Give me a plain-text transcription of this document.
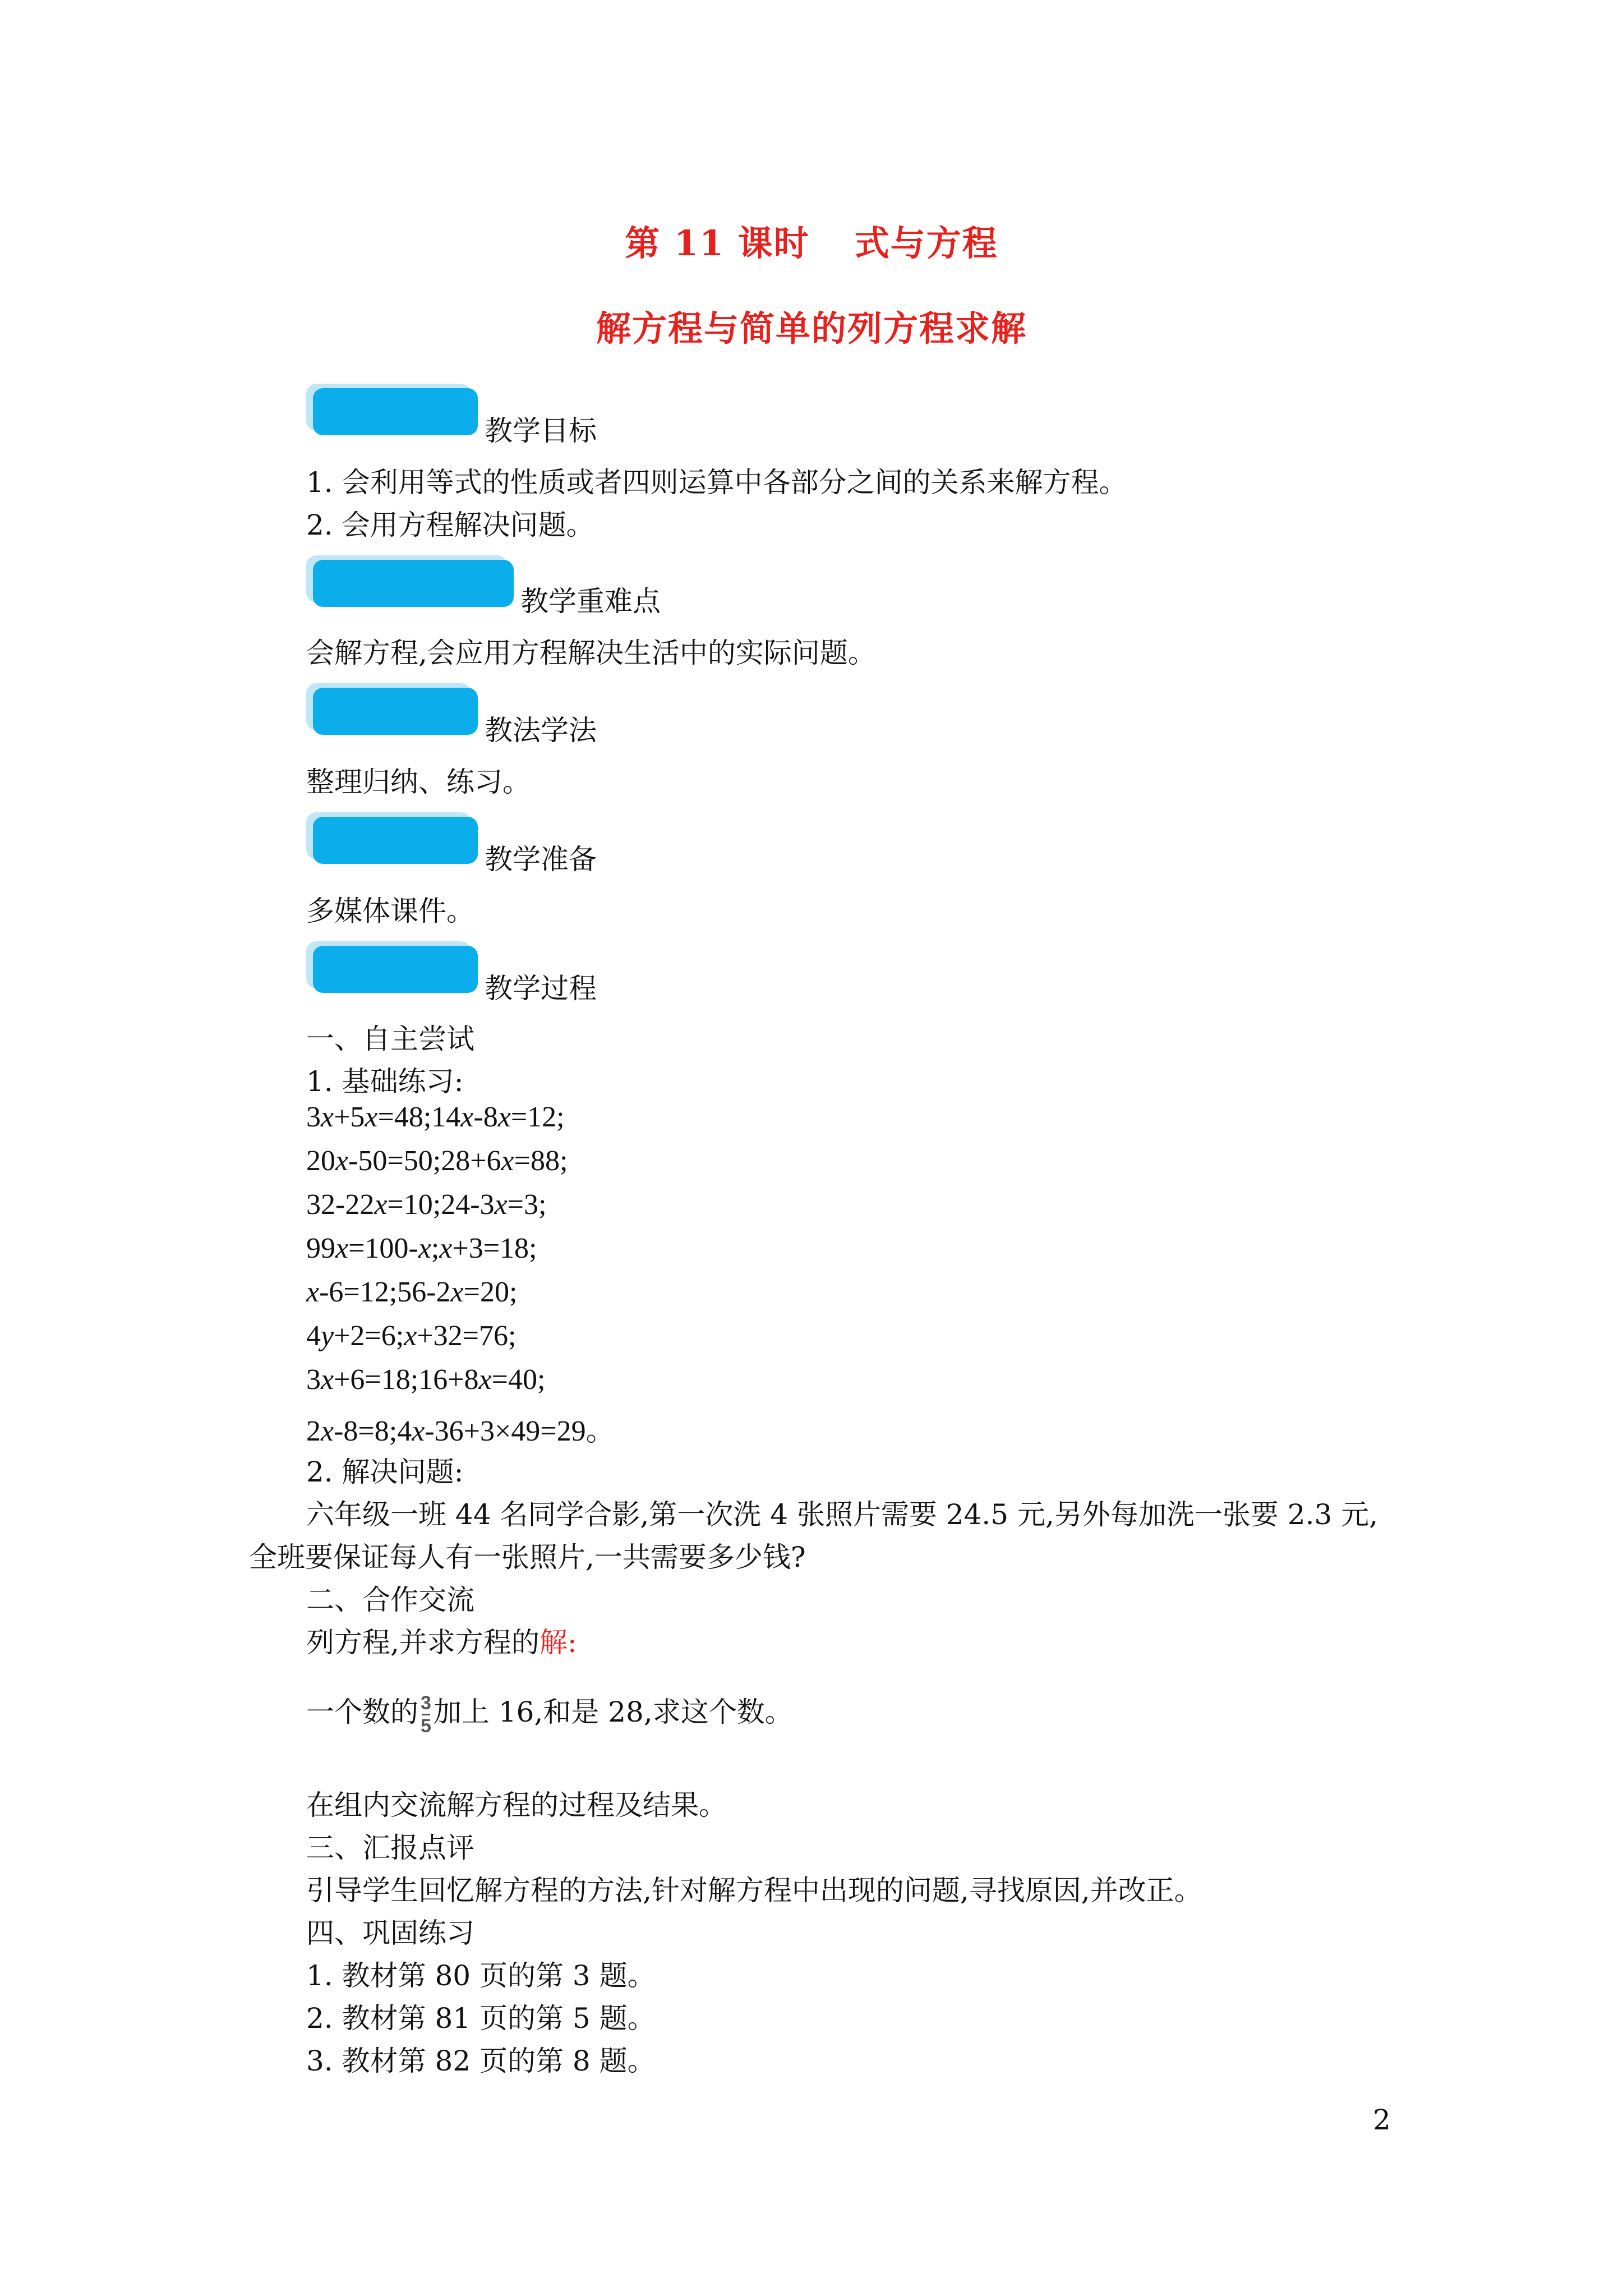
第 11 课时 式与方程
解方程与简单的列方程求解
教学目标
1. 会利用等式的性质或者四则运算中各部分之间的关系来解方程。
2. 会用方程解决问题。
教学重难点
会解方程,会应用方程解决生活中的实际问题。
教法学法
整理归纳、练习。
教学准备
多媒体课件。
教学过程
一、自主尝试
1. 基础练习:
3x+5x=48;14x-8x=12;
20x-50=50;28+6x=88;
32-22x=10;24-3x=3;
99x=100-x;x+3=18;
x-6=12;56-2x=20;
4y+2=6;x+32=76;
3x+6=18;16+8x=40;
2x-8=8;4x-36+3×49=29。
2. 解决问题:
六年级一班 44 名同学合影,第一次洗 4 张照片需要 24.5 元,另外每加洗一张要 2.3 元,
全班要保证每人有一张照片,一共需要多少钱?
二、合作交流
列方程,并求方程的解:
一个数的 $\frac{3}{5}$加上 16,和是 28,求这个数。
在组内交流解方程的过程及结果。
三、汇报点评
引导学生回忆解方程的方法,针对解方程中出现的问题,寻找原因,并改正。
四、巩固练习
1. 教材第 80 页的第 3 题。
2. 教材第 81 页的第 5 题。
3. 教材第 82 页的第 8 题。
2
